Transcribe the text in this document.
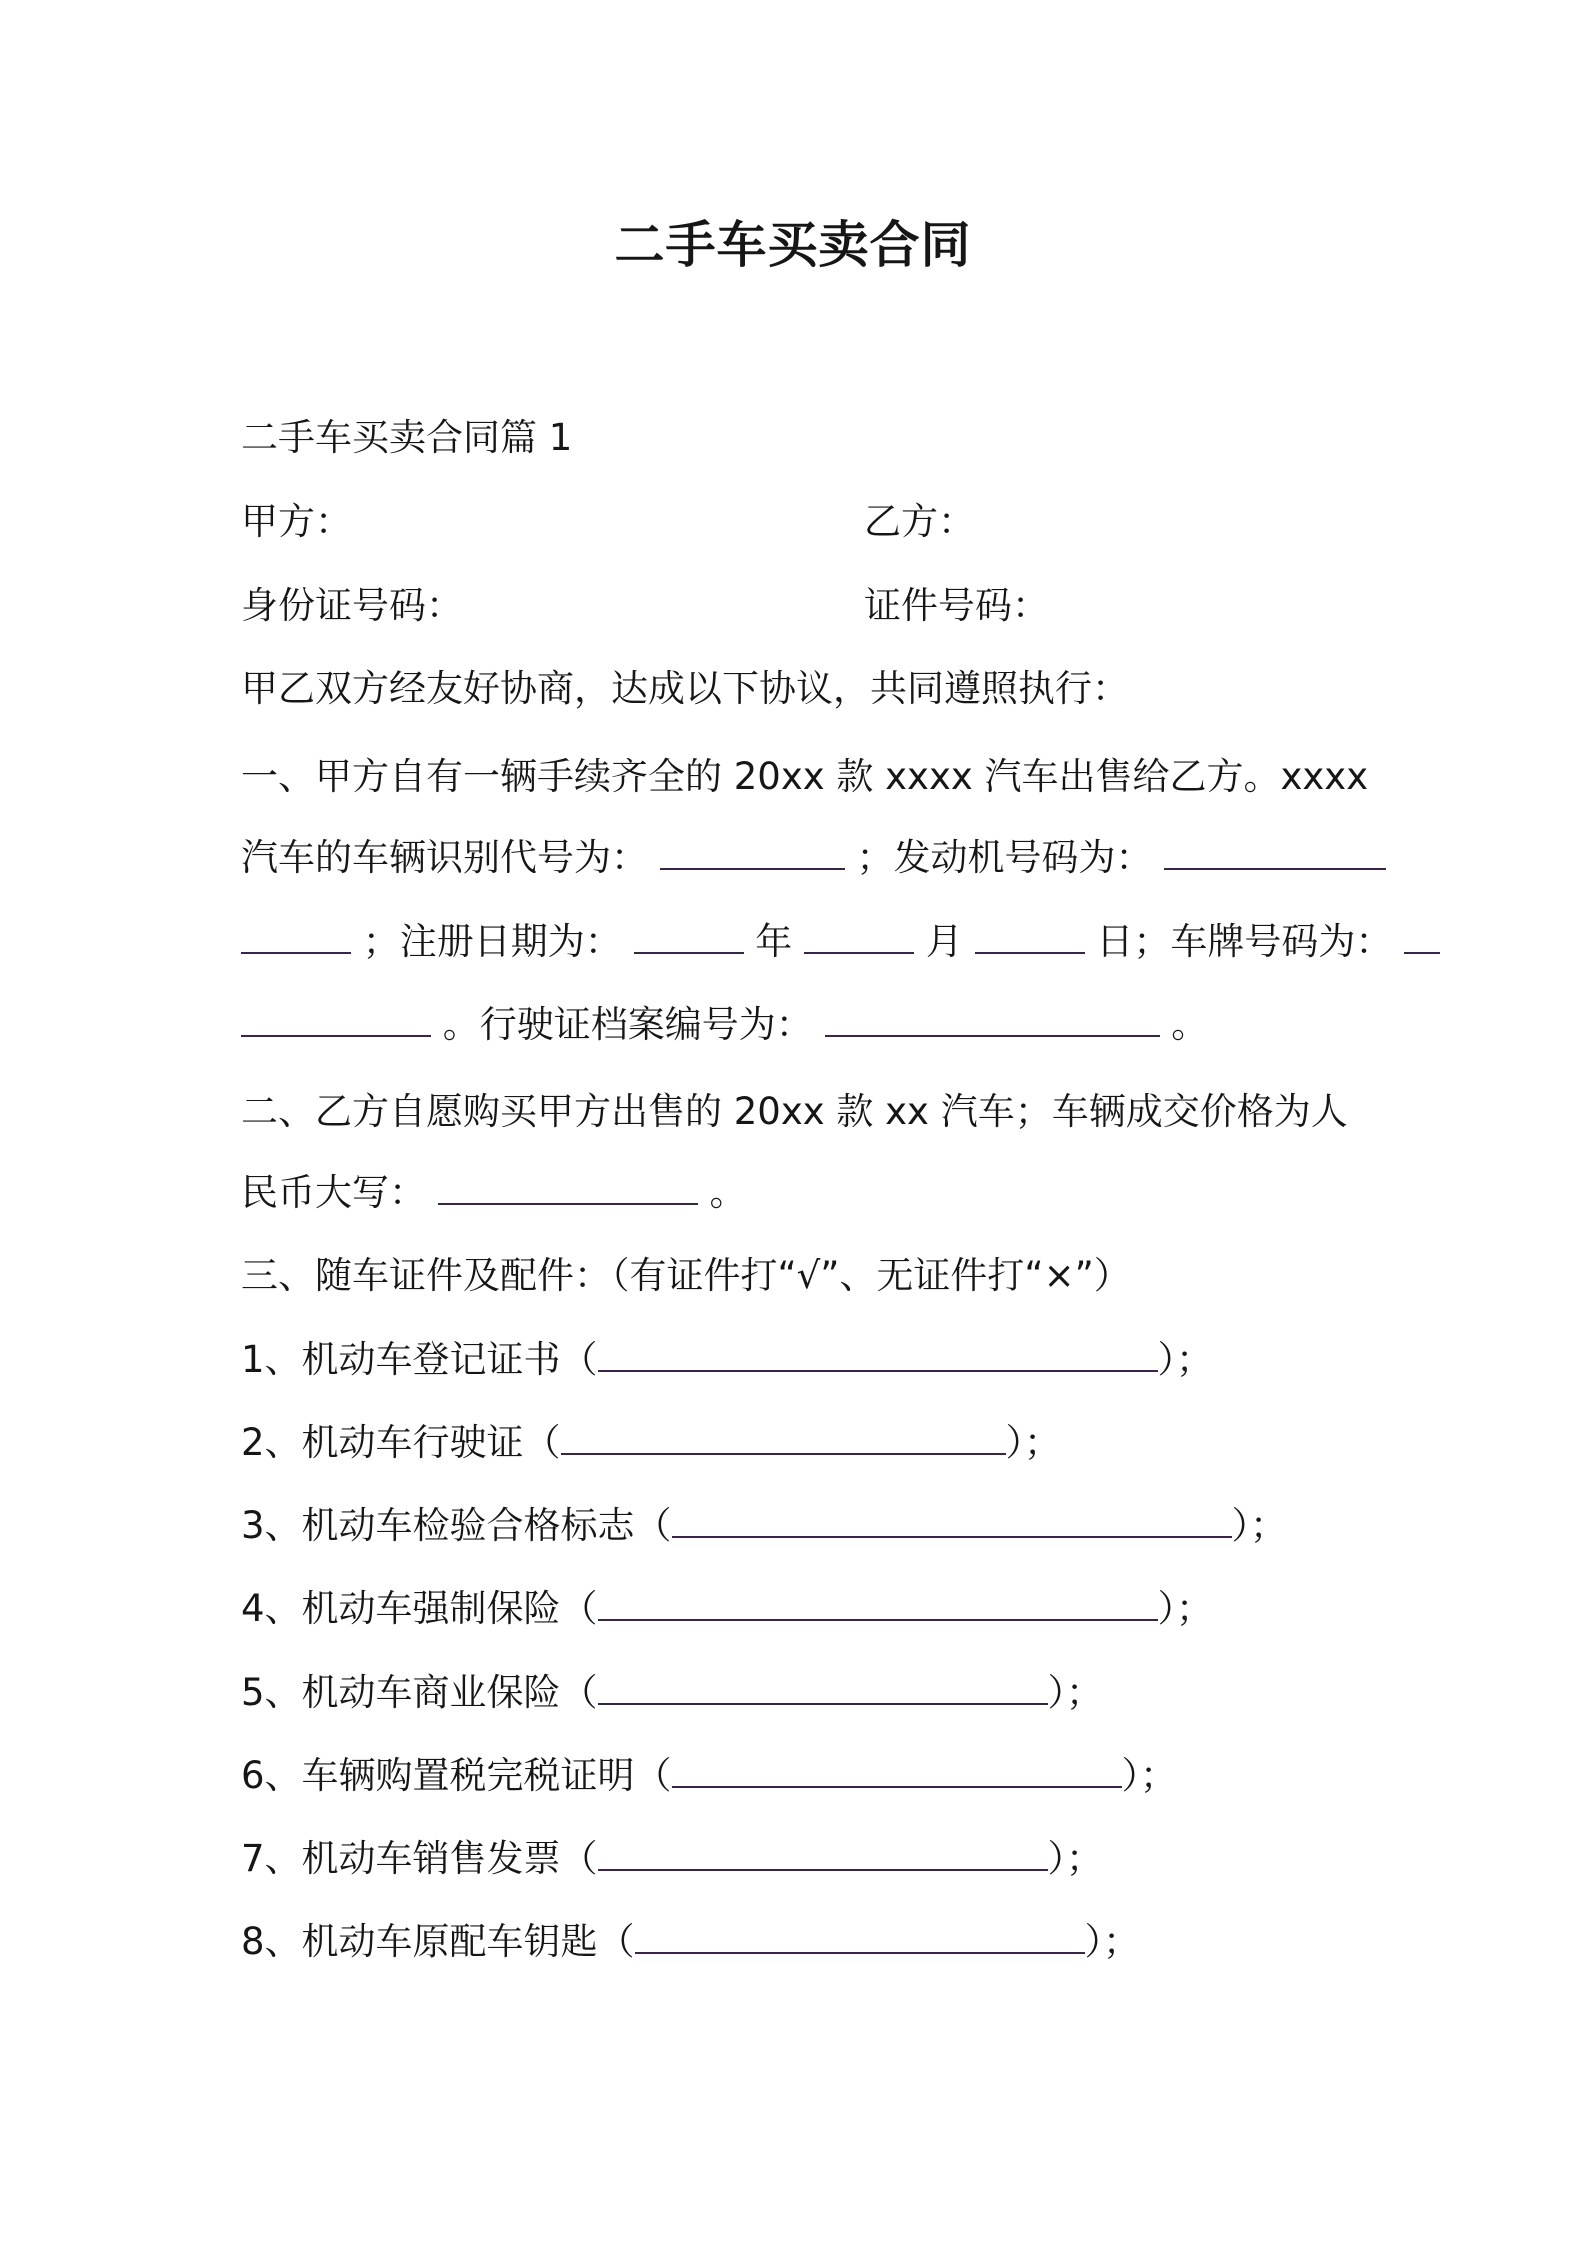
二手车买卖合同
二手车买卖合同篇 1
甲方：	乙方：
身份证号码：	证件号码：
甲乙双方经友好协商，达成以下协议，共同遵照执行：
一、甲方自有一辆手续齐全的 20xx 款 xxxx 汽车出售给乙方。xxxx
汽车的车辆识别代号为：	；发动机号码为：
；注册日期为：	年	月	日；车牌号码为：
。行驶证档案编号为：	。
二、乙方自愿购买甲方出售的 20xx 款 xx 汽车；车辆成交价格为人
民币大写：	。
三、随车证件及配件：（有证件打“√”、无证件打“×”）
1、机动车登记证书（	）；
2、机动车行驶证（	）；
3、机动车检验合格标志（	）；
4、机动车强制保险（	）；
5、机动车商业保险（	）；
6、车辆购置税完税证明（	）；
7、机动车销售发票（	）；
8、机动车原配车钥匙（	）；
